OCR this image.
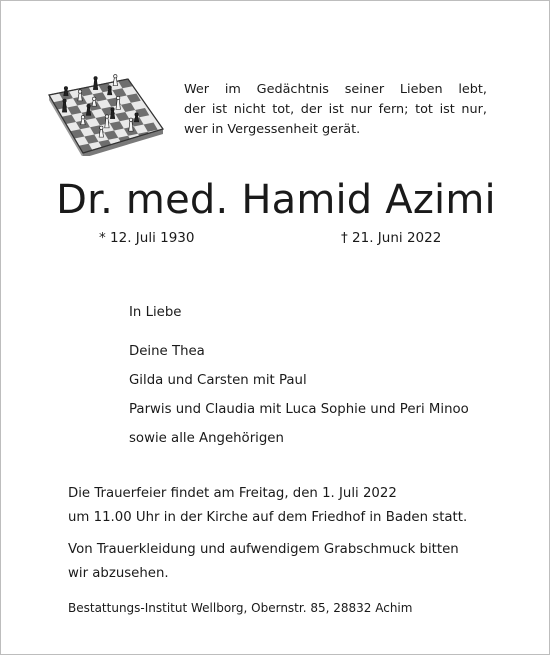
Wer im Gedächtnis seiner Lieben lebt,
der ist nicht tot, der ist nur fern; tot ist nur,
wer in Vergessenheit gerät.
Dr. med. Hamid Azimi
* 12. Juli 1930	† 21. Juni 2022
In Liebe
Deine Thea
Gilda und Carsten mit Paul
Parwis und Claudia mit Luca Sophie und Peri Minoo
sowie alle Angehörigen
Die Trauerfeier findet am Freitag, den 1. Juli 2022
um 11.00 Uhr in der Kirche auf dem Friedhof in Baden statt.
Von Trauerkleidung und aufwendigem Grabschmuck bitten
wir abzusehen.
Bestattungs-Institut Wellborg, Obernstr. 85, 28832 Achim
